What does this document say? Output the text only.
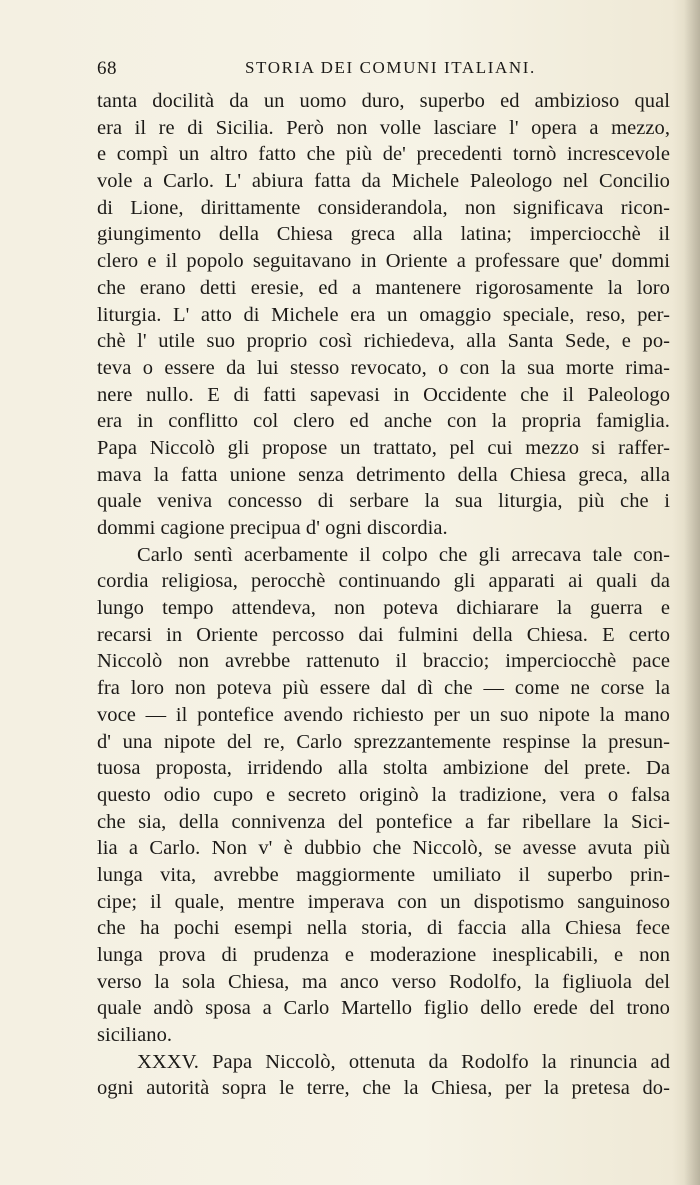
68	STORIA DEI COMUNI ITALIANI.
tanta docilità da un uomo duro, superbo ed ambizioso qual
era il re di Sicilia. Però non volle lasciare l' opera a mezzo,
e compì un altro fatto che più de' precedenti tornò increscevole
vole a Carlo. L' abiura fatta da Michele Paleologo nel Concilio
di Lione, dirittamente considerandola, non significava ricon-
giungimento della Chiesa greca alla latina; imperciocchè il
clero e il popolo seguitavano in Oriente a professare que' dommi
che erano detti eresie, ed a mantenere rigorosamente la loro
liturgia. L' atto di Michele era un omaggio speciale, reso, per-
chè l' utile suo proprio così richiedeva, alla Santa Sede, e po-
teva o essere da lui stesso revocato, o con la sua morte rima-
nere nullo. E di fatti sapevasi in Occidente che il Paleologo
era in conflitto col clero ed anche con la propria famiglia.
Papa Niccolò gli propose un trattato, pel cui mezzo si raffer-
mava la fatta unione senza detrimento della Chiesa greca, alla
quale veniva concesso di serbare la sua liturgia, più che i
dommi cagione precipua d' ogni discordia.
Carlo sentì acerbamente il colpo che gli arrecava tale con-
cordia religiosa, perocchè continuando gli apparati ai quali da
lungo tempo attendeva, non poteva dichiarare la guerra e
recarsi in Oriente percosso dai fulmini della Chiesa. E certo
Niccolò non avrebbe rattenuto il braccio; imperciocchè pace
fra loro non poteva più essere dal dì che — come ne corse la
voce — il pontefice avendo richiesto per un suo nipote la mano
d' una nipote del re, Carlo sprezzantemente respinse la presun-
tuosa proposta, irridendo alla stolta ambizione del prete. Da
questo odio cupo e secreto originò la tradizione, vera o falsa
che sia, della connivenza del pontefice a far ribellare la Sici-
lia a Carlo. Non v' è dubbio che Niccolò, se avesse avuta più
lunga vita, avrebbe maggiormente umiliato il superbo prin-
cipe; il quale, mentre imperava con un dispotismo sanguinoso
che ha pochi esempi nella storia, di faccia alla Chiesa fece
lunga prova di prudenza e moderazione inesplicabili, e non
verso la sola Chiesa, ma anco verso Rodolfo, la figliuola del
quale andò sposa a Carlo Martello figlio dello erede del trono
siciliano.
XXXV. Papa Niccolò, ottenuta da Rodolfo la rinuncia ad
ogni autorità sopra le terre, che la Chiesa, per la pretesa do-
